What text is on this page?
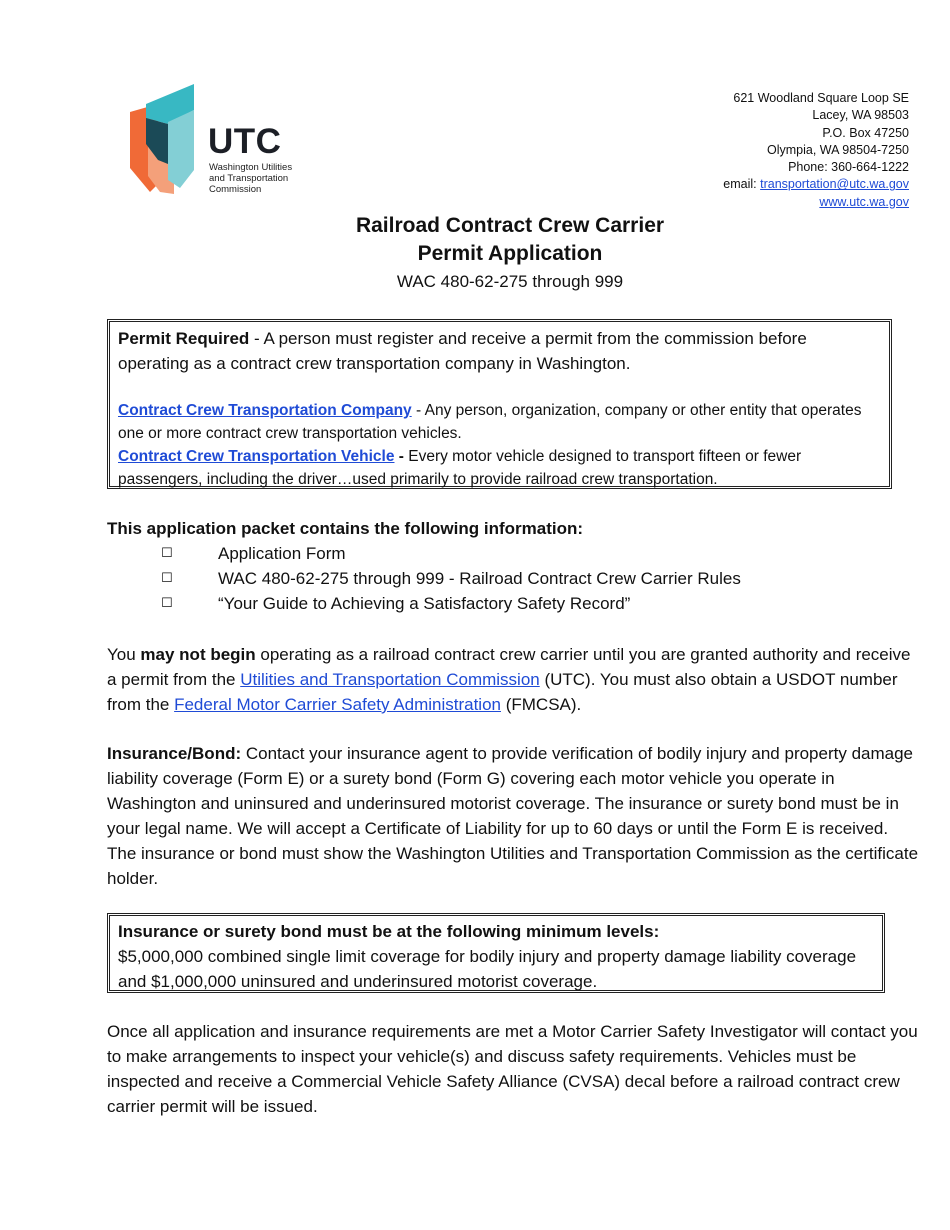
UTC
Washington Utilities
and Transportation
Commission
621 Woodland Square Loop SE
Lacey, WA 98503
P.O. Box 47250
Olympia, WA 98504-7250
Phone: 360-664-1222
email: transportation@utc.wa.gov
www.utc.wa.gov
Railroad Contract Crew Carrier
Permit Application
WAC 480-62-275 through 999
Permit Required - A person must register and receive a permit from the commission before operating as a contract crew transportation company in Washington.
Contract Crew Transportation Company - Any person, organization, company or other entity that operates one or more contract crew transportation vehicles.
Contract Crew Transportation Vehicle - Every motor vehicle designed to transport fifteen or fewer passengers, including the driver…used primarily to provide railroad crew transportation.
This application packet contains the following information:
☐	Application Form
☐	WAC 480-62-275 through 999 - Railroad Contract Crew Carrier Rules
☐	“Your Guide to Achieving a Satisfactory Safety Record”
You may not begin operating as a railroad contract crew carrier until you are granted authority and receive a permit from the Utilities and Transportation Commission (UTC). You must also obtain a USDOT number from the Federal Motor Carrier Safety Administration (FMCSA).
Insurance/Bond: Contact your insurance agent to provide verification of bodily injury and property damage liability coverage (Form E) or a surety bond (Form G) covering each motor vehicle you operate in Washington and uninsured and underinsured motorist coverage. The insurance or surety bond must be in your legal name. We will accept a Certificate of Liability for up to 60 days or until the Form E is received. The insurance or bond must show the Washington Utilities and Transportation Commission as the certificate holder.
Insurance or surety bond must be at the following minimum levels:
$5,000,000 combined single limit coverage for bodily injury and property damage liability coverage and $1,000,000 uninsured and underinsured motorist coverage.
Once all application and insurance requirements are met a Motor Carrier Safety Investigator will contact you to make arrangements to inspect your vehicle(s) and discuss safety requirements. Vehicles must be inspected and receive a Commercial Vehicle Safety Alliance (CVSA) decal before a railroad contract crew carrier permit will be issued.
